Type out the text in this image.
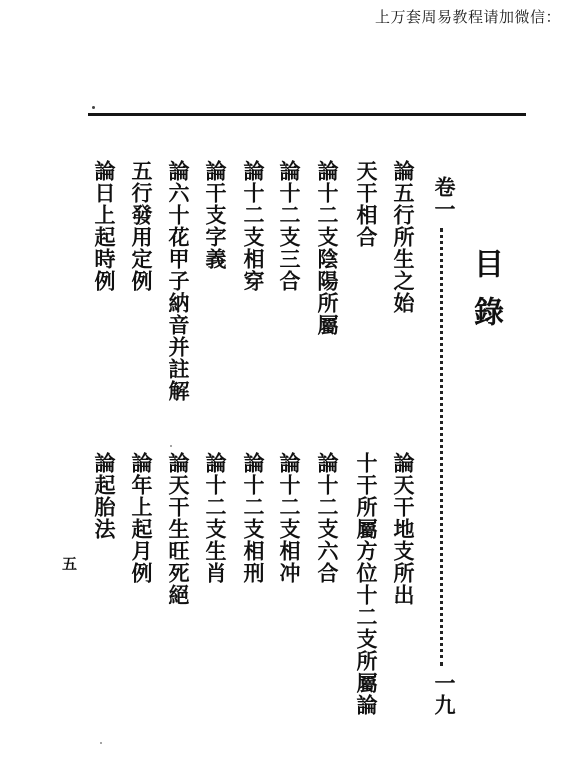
上万套周易教程请加微信：
目錄
卷一
一九
論五行所生之始
天干相合
論十二支陰陽所屬
論十二支三合
論十二支相穿
論干支字義
論六十花甲子納音并註解
五行發用定例
論日上起時例
論天干地支所出
十干所屬方位十二支所屬論
論十二支六合
論十二支相冲
論十二支相刑
論十二支生肖
論天干生旺死絕
論年上起月例
論起胎法
五
